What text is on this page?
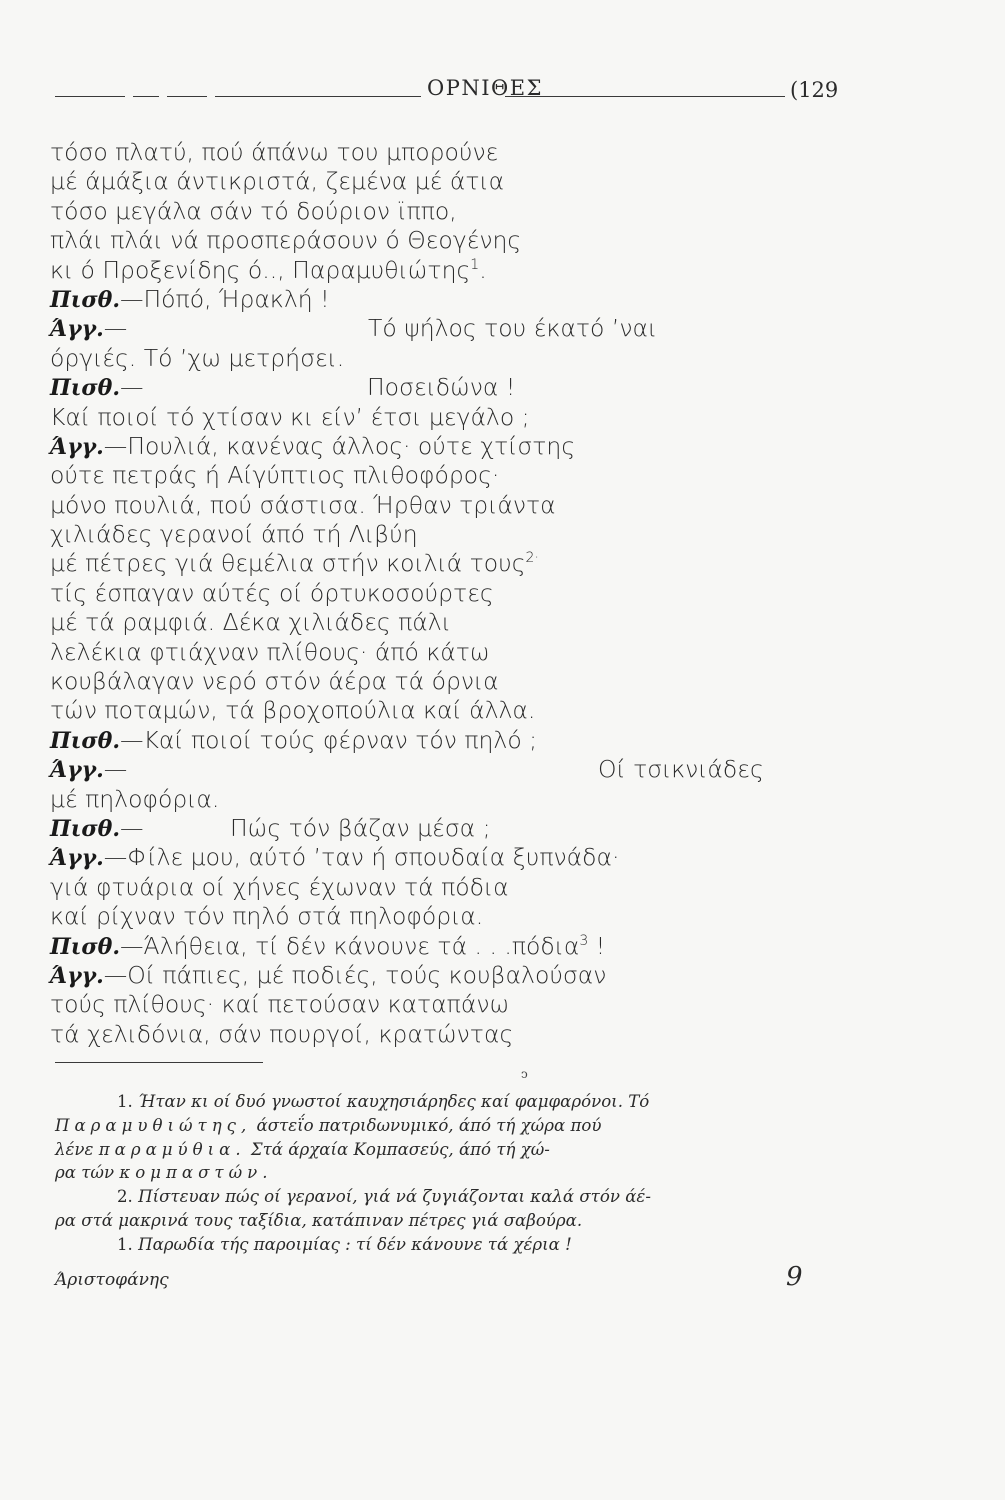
ΟΡΝΙΘΕΣ	(129
τόσο πλατύ, πού άπάνω του μπορούνε
μέ άμάξια άντικριστά, ζεμένα μέ άτια
τόσο μεγάλα σάν τό δούριον ϊππο,
πλάι πλάι νά προσπεράσουν ό Θεογένης
κι ό Προξενίδης ό.., Παραμυθιώτης$^1$.
Πισθ.—Πόπό, Ήρακλή !
Άγγ.—	Τό ψήλος του έκατό ’ναι
όργιές. Τό ’χω μετρήσει.
Πισθ.—	Ποσειδώνα !
Καί ποιοί τό χτίσαν κι είν’ έτσι μεγάλο ;
Άγγ.—Πουλιά, κανένας άλλος· ούτε χτίστης
ούτε πετράς ή Αίγύπτιος πλιθοφόρος·
μόνο πουλιά, πού σάστισα. Ήρθαν τριάντα
χιλιάδες γερανοί άπό τή Λιβύη
μέ πέτρες γιά θεμέλια στήν κοιλιά τους$^{2\cdot}$
τίς έσπαγαν αύτές οί όρτυκοσούρτες
μέ τά ραμφιά. Δέκα χιλιάδες πάλι
λελέκια φτιάχναν πλίθους· άπό κάτω
κουβάλαγαν νερό στόν άέρα τά όρνια
τών ποταμών, τά βροχοπούλια καί άλλα.
Πισθ.—Καί ποιοί τούς φέρναν τόν πηλό ;
Άγγ.—	Οί τσικνιάδες
μέ πηλοφόρια.
Πισθ.—	Πώς τόν βάζαν μέσα ;
Άγγ.—Φίλε μου, αύτό ’ταν ή σπουδαία ξυπνάδα·
γιά φτυάρια οί χήνες έχωναν τά πόδια
καί ρίχναν τόν πηλό στά πηλοφόρια.
Πισθ.—Άλήθεια, τί δέν κάνουνε τά . . .πόδια$^3$ !
Άγγ.—Οί πάπιες, μέ ποδιές, τούς κουβαλούσαν
τούς πλίθους· καί πετούσαν καταπάνω
τά χελιδόνια, σάν πουργοί, κρατώντας
ͻ
1. Ήταν κι οί δυό γνωστοί καυχησιάρηδες καί φαμφαρόνοι. Τό
Παραμυθιώτης, άστεΐο πατριδωνυμικό, άπό τή χώρα πού
λένε παραμύθια. Στά άρχαία Κομπασεύς, άπό τή χώ-
ρα τών κομπαστών.
2. Πίστευαν πώς οί γερανοί, γιά νά ζυγιάζονται καλά στόν άέ-
ρα στά μακρινά τους ταξίδια, κατάπιναν πέτρες γιά σαβούρα.
1. Παρωδία τής παροιμίας : τί δέν κάνουνε τά χέρια !
Άριστοφάνης	9
